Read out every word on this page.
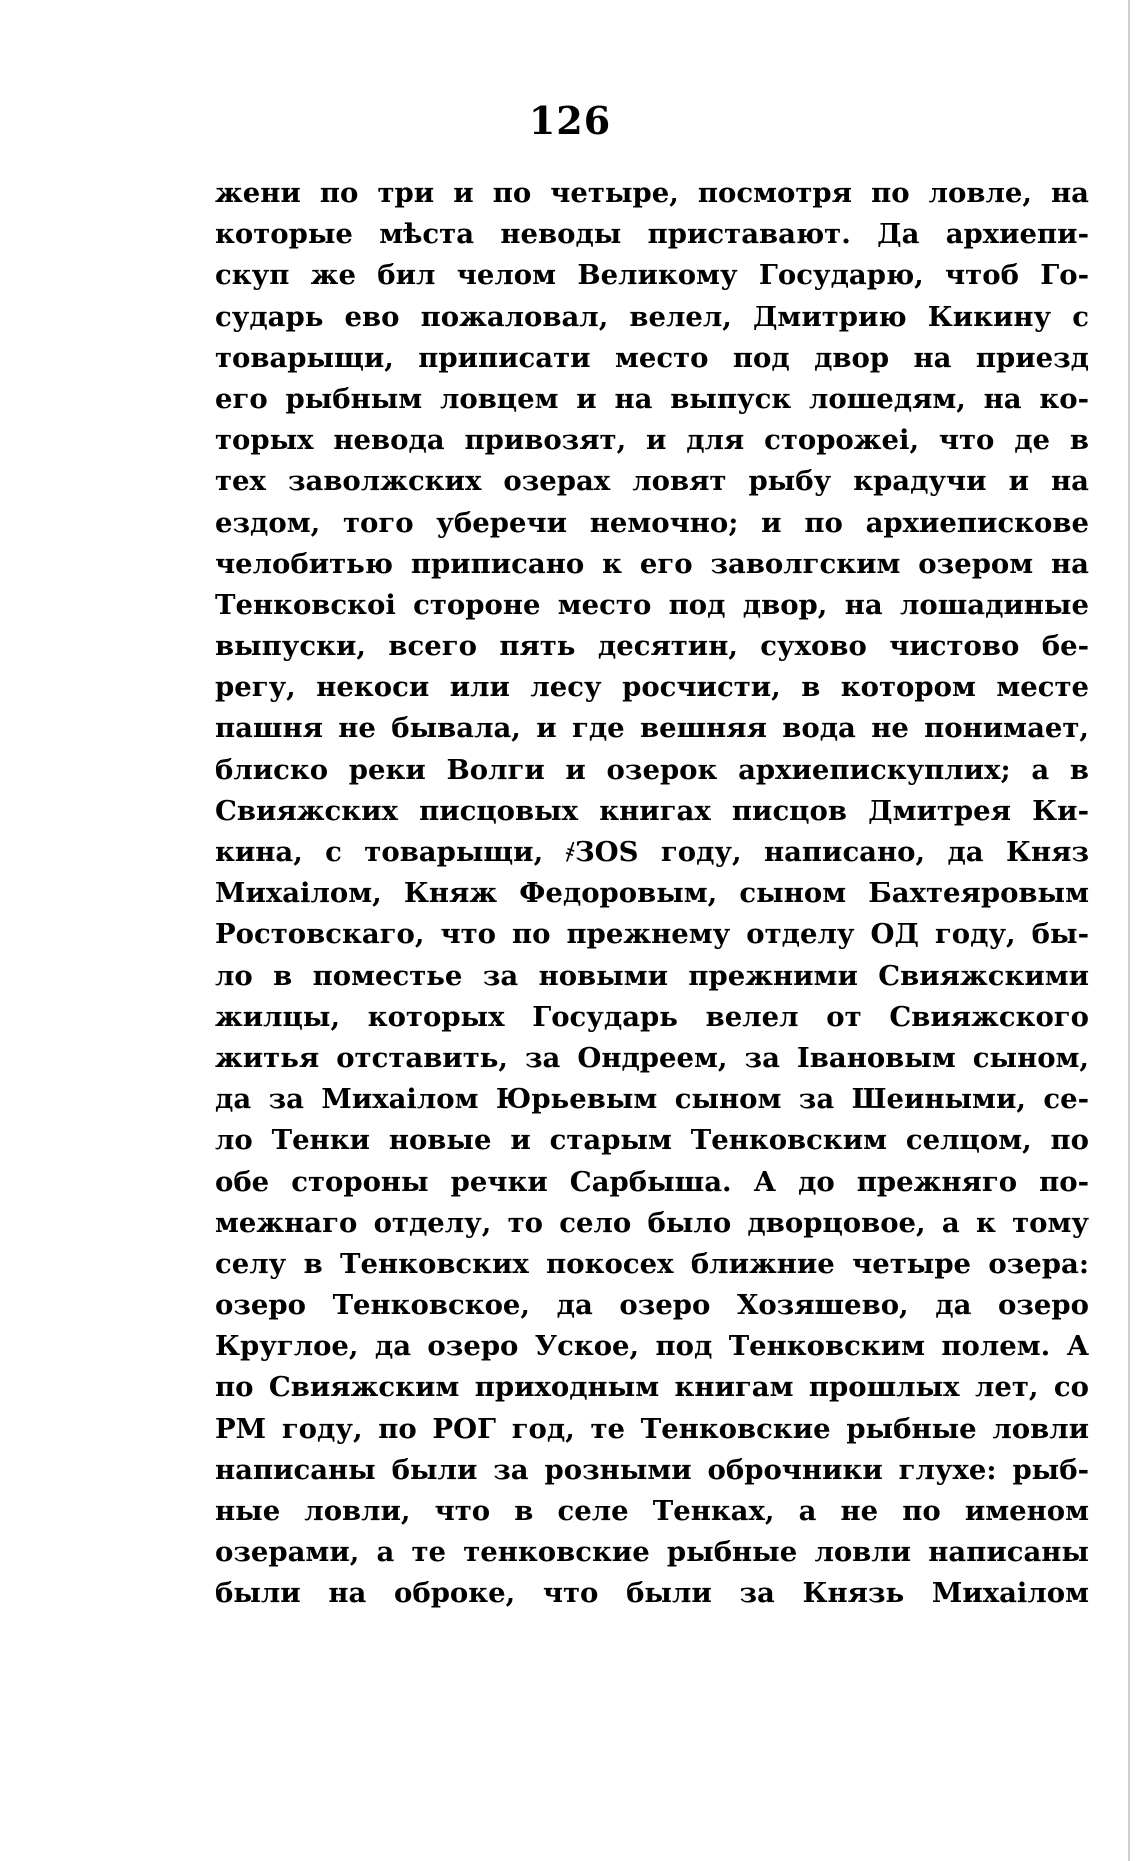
126
жени по три и по четыре, посмотря по ловле, на
которые мѣста неводы приставают. Да архиепи-
скуп же бил челом Великому Государю, чтоб Го-
сударь ево пожаловал, велел, Дмитрию Кикину с
товарыщи, приписати место под двор на приезд
его рыбным ловцем и на выпуск лошедям, на ко-
торых невода привозят, и для сторожеі, что де в
тех заволжских озерах ловят рыбу крадучи и на
ездом, того уберечи немочно; и по архиепискове
челобитью приписано к его заволгским озером на
Тенковскоі стороне место под двор, на лошадиные
выпуски, всего пять десятин, сухово чистово бе-
регу, некоси или лесу росчисти, в котором месте
пашня не бывала, и где вешняя вода не понимает,
блиско реки Волги и озерок архиепискуплих; а в
Свияжских писцовых книгах писцов Дмитрея Ки-
кина, с товарыщи, ҂ЗОЅ году, написано, да Княз
Михаiлом, Княж Федоровым, сыном Бахтеяровым
Ростовскаго, что по прежнему отделу ОД году, бы-
ло в поместье за новыми прежними Свияжскими
жилцы, которых Государь велел от Свияжского
житья отставить, за Ондреем, за Івановым сыном,
да за Михаiлом Юрьевым сыном за Шеиными, се-
ло Тенки новые и старым Тенковским селцом, по
обе стороны речки Сарбыша. А до прежняго по-
межнаго отделу, то село было дворцовое, а к тому
селу в Тенковских покосех ближние четыре озера:
озеро Тенковское, да озеро Хозяшево, да озеро
Круглое, да озеро Уское, под Тенковским полем. А
по Свияжским приходным книгам прошлых лет, со
РМ году, по РОГ год, те Тенковские рыбные ловли
написаны были за розными оброчники глухе: рыб-
ные ловли, что в селе Тенках, а не по именом
озерами, а те тенковские рыбные ловли написаны
были на оброке, что были за Князь Михаiлом
